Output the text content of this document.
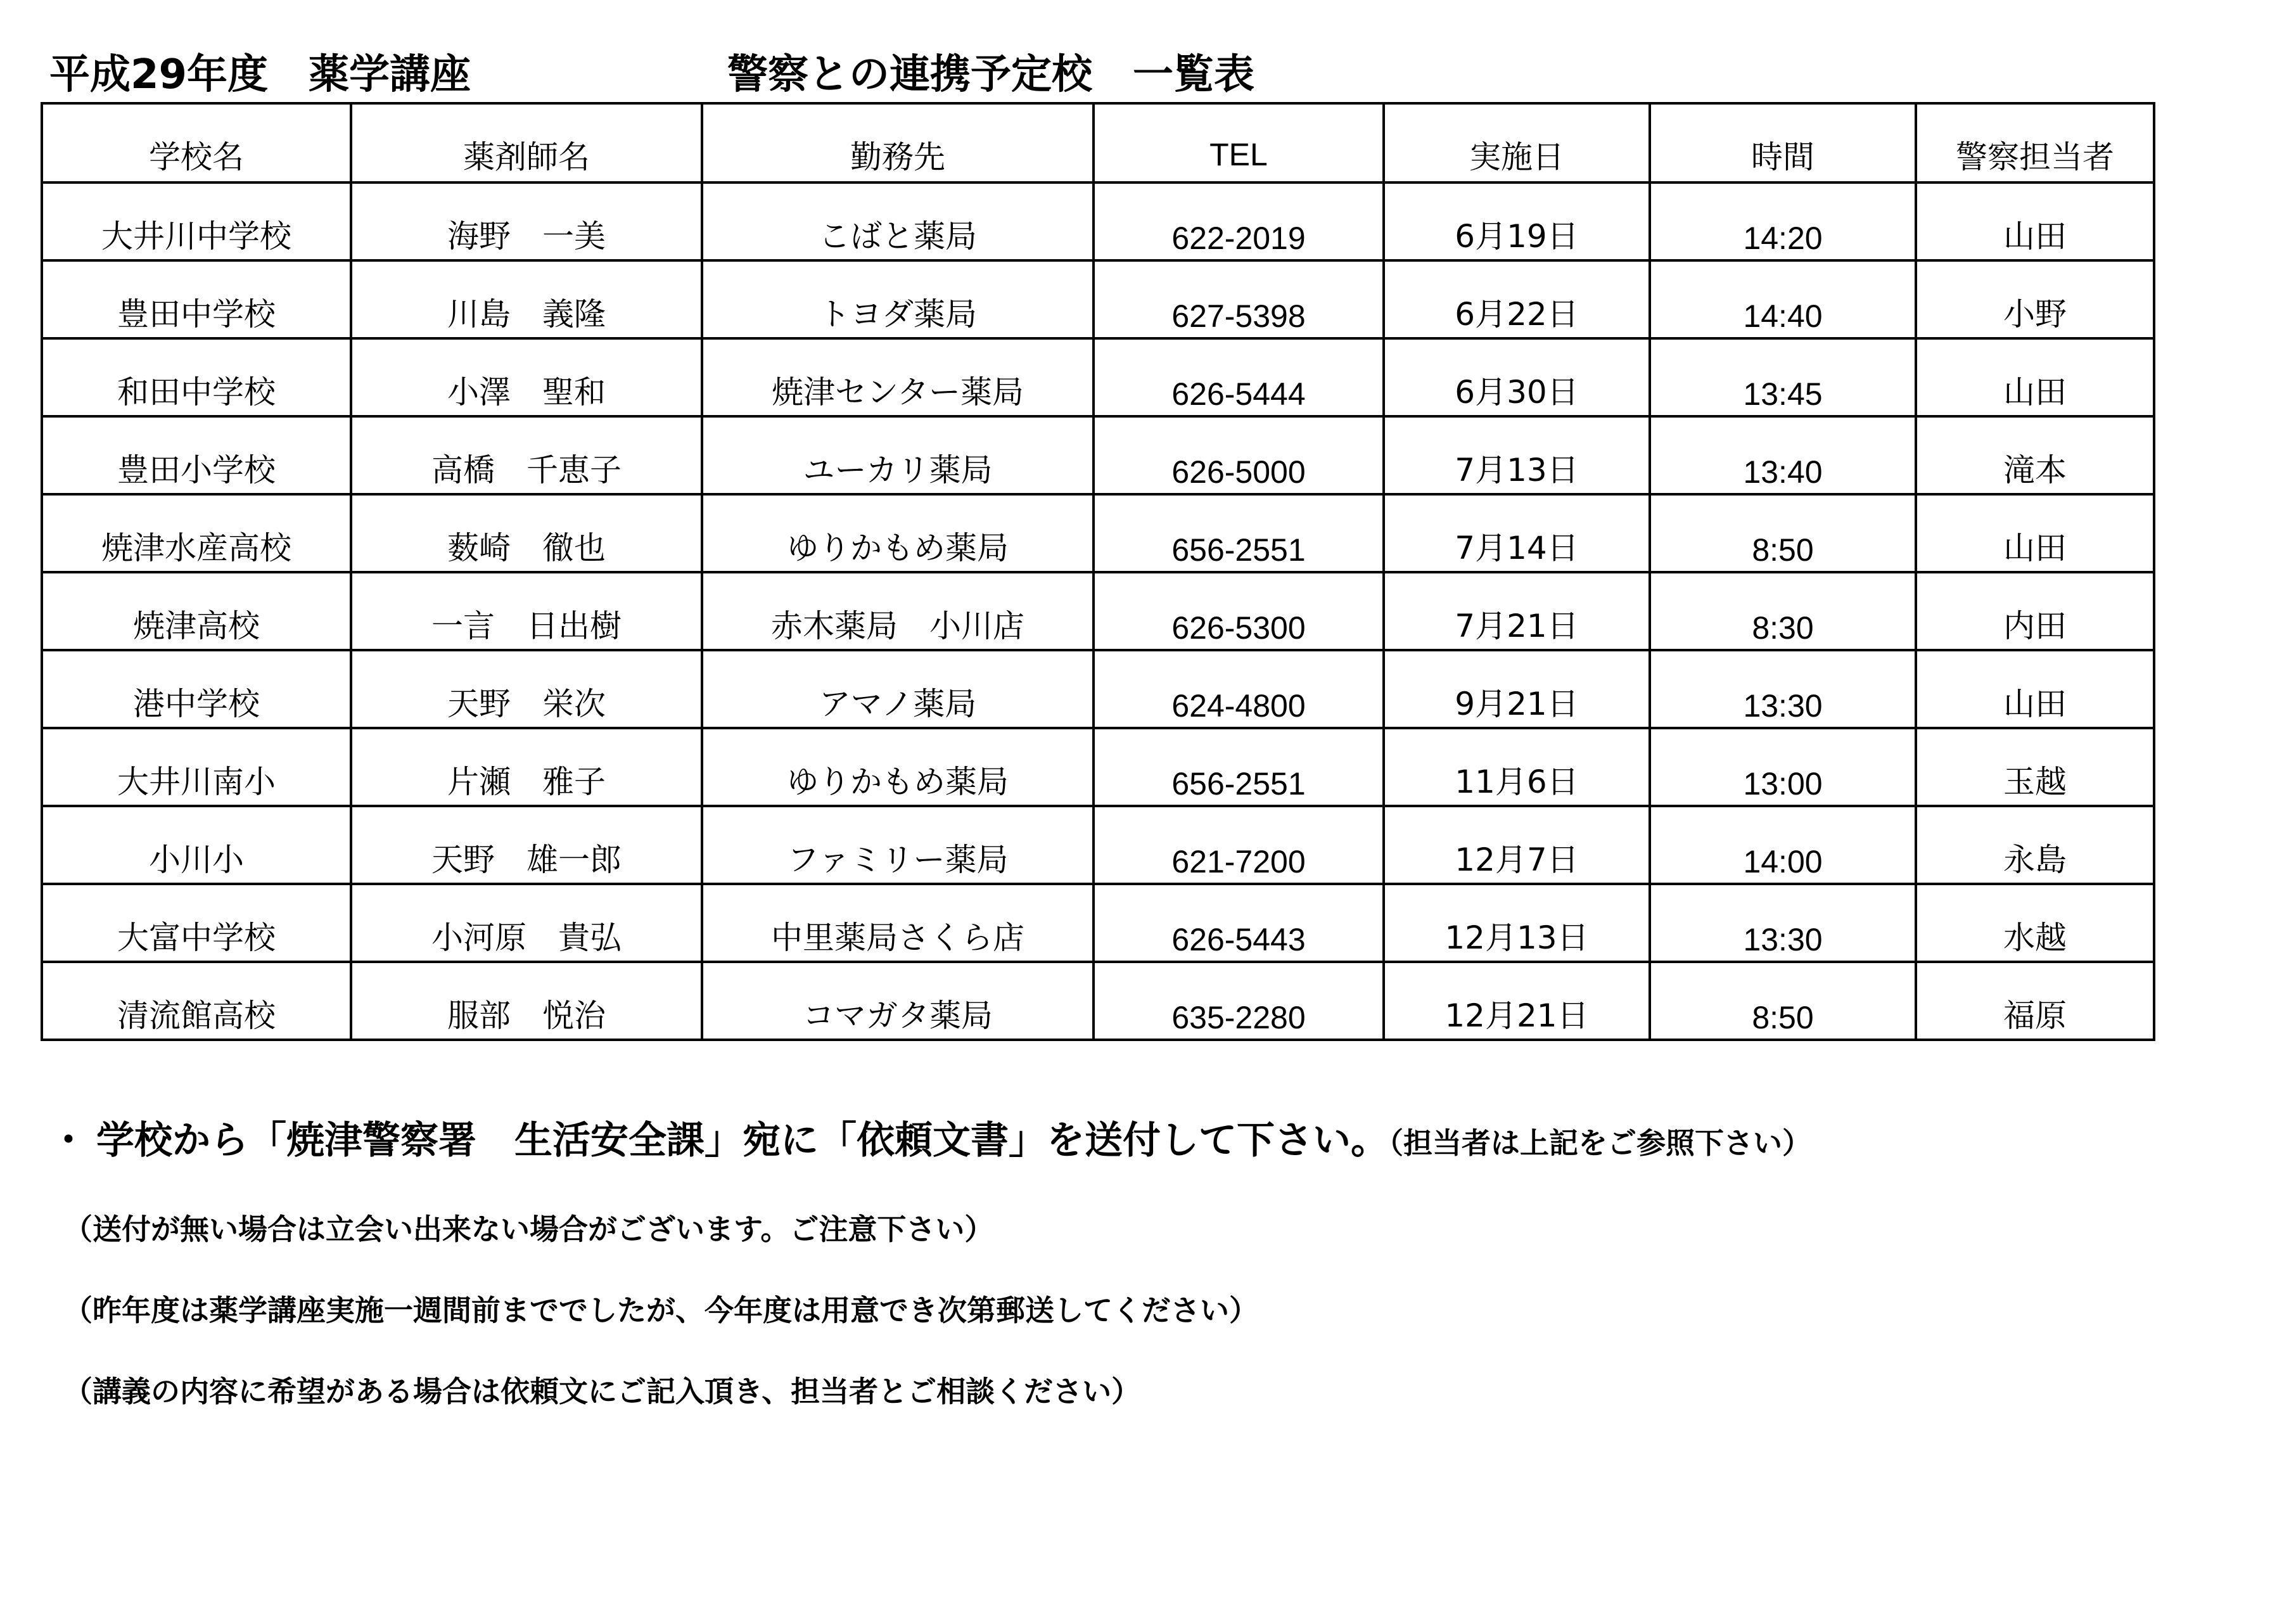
平成29年度　薬学講座	警察との連携予定校　一覧表
学校名	薬剤師名	勤務先	TEL	実施日	時間	警察担当者
大井川中学校	海野　一美	こばと薬局	622-2019	6月19日	14:20	山田
豊田中学校	川島　義隆	トヨダ薬局	627-5398	6月22日	14:40	小野
和田中学校	小澤　聖和	焼津センター薬局	626-5444	6月30日	13:45	山田
豊田小学校	高橋　千恵子	ユーカリ薬局	626-5000	7月13日	13:40	滝本
焼津水産高校	薮崎　徹也	ゆりかもめ薬局	656-2551	7月14日	8:50	山田
焼津高校	一言　日出樹	赤木薬局　小川店	626-5300	7月21日	8:30	内田
港中学校	天野　栄次	アマノ薬局	624-4800	9月21日	13:30	山田
大井川南小	片瀬　雅子	ゆりかもめ薬局	656-2551	11月6日	13:00	玉越
小川小	天野　雄一郎	ファミリー薬局	621-7200	12月7日	14:00	永島
大富中学校	小河原　貴弘	中里薬局さくら店	626-5443	12月13日	13:30	水越
清流館高校	服部　悦治	コマガタ薬局	635-2280	12月21日	8:50	福原
・ 学校から「焼津警察署　生活安全課」宛に「依頼文書」を送付して下さい。（担当者は上記をご参照下さい）
（送付が無い場合は立会い出来ない場合がございます。ご注意下さい）
（昨年度は薬学講座実施一週間前まででしたが、今年度は用意でき次第郵送してください）
（講義の内容に希望がある場合は依頼文にご記入頂き、担当者とご相談ください）
